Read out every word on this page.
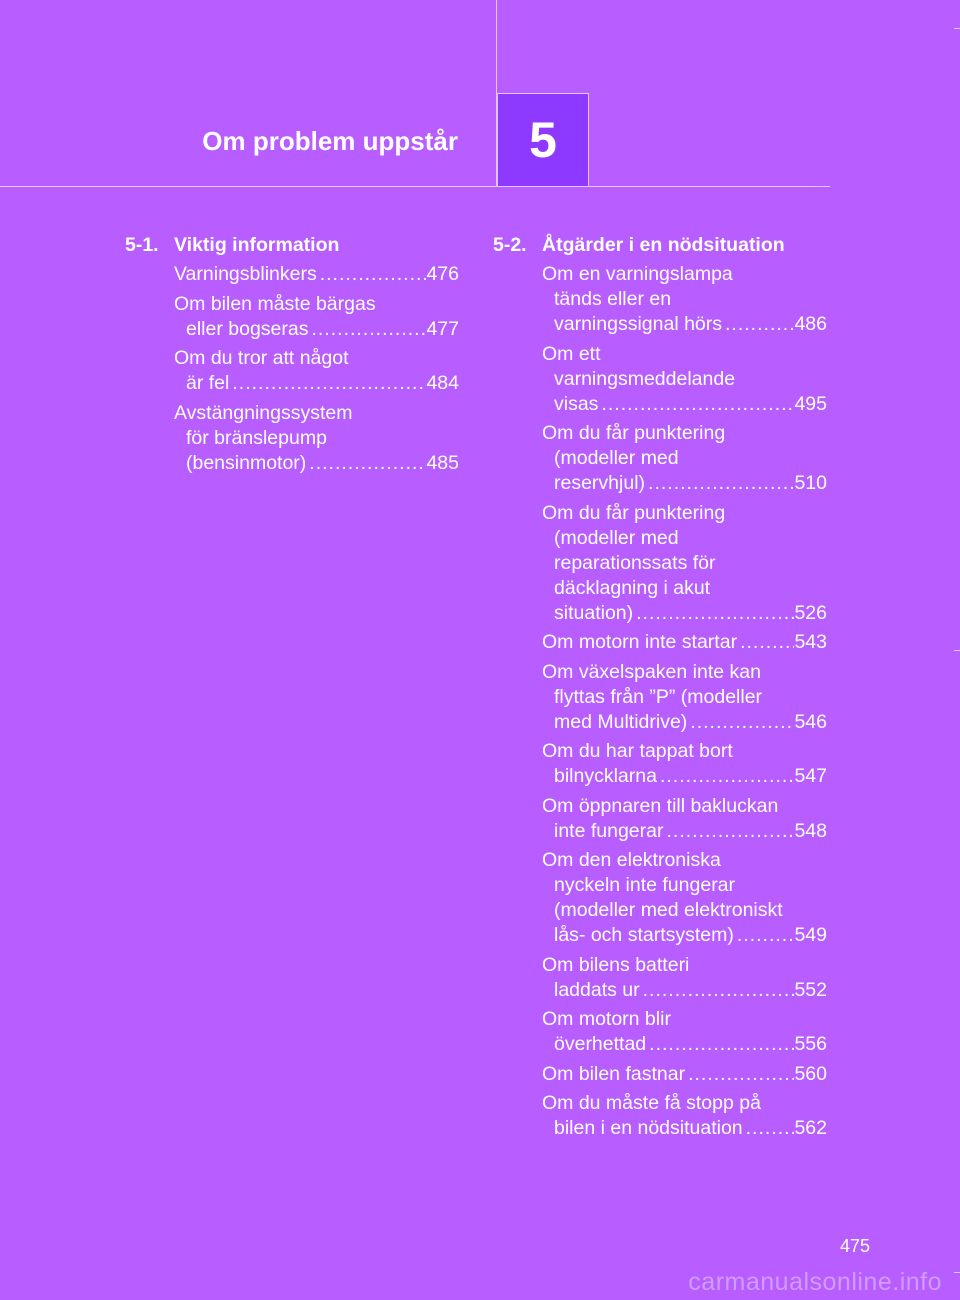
Om problem uppstår 5
5-1. Viktig information
Varningsblinkers .....	476
Om bilen måste bärgas
eller bogseras .....	477
Om du tror att något
är fel .....	484
Avstängningssystem
för bränslepump
(bensinmotor) .....	485
5-2. Åtgärder i en nödsituation
Om en varningslampa
tänds eller en
varningssignal hörs .....	486
Om ett
varningsmeddelande
visas .....	495
Om du får punktering
(modeller med
reservhjul) .....	510
Om du får punktering
(modeller med
reparationssats för
däcklagning i akut
situation) .....	526
Om motorn inte startar .....	543
Om växelspaken inte kan
flyttas från ”P” (modeller
med Multidrive) .....	546
Om du har tappat bort
bilnycklarna .....	547
Om öppnaren till bakluckan
inte fungerar .....	548
Om den elektroniska
nyckeln inte fungerar
(modeller med elektroniskt
lås- och startsystem) .....	549
Om bilens batteri
laddats ur .....	552
Om motorn blir
överhettad .....	556
Om bilen fastnar .....	560
Om du måste få stopp på
bilen i en nödsituation .....	562
475
carmanualsonline.info
